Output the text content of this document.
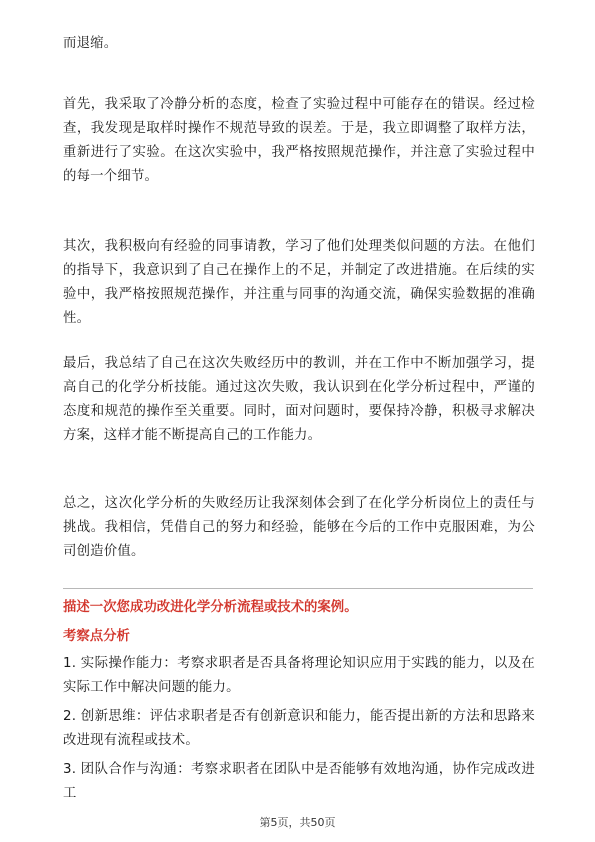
而退缩。

首先，我采取了冷静分析的态度，检查了实验过程中可能存在的错误。经过检查，我发现是取样时操作不规范导致的误差。于是，我立即调整了取样方法，重新进行了实验。在这次实验中，我严格按照规范操作，并注意了实验过程中的每一个细节。

其次，我积极向有经验的同事请教，学习了他们处理类似问题的方法。在他们的指导下，我意识到了自己在操作上的不足，并制定了改进措施。在后续的实验中，我严格按照规范操作，并注重与同事的沟通交流，确保实验数据的准确性。

最后，我总结了自己在这次失败经历中的教训，并在工作中不断加强学习，提高自己的化学分析技能。通过这次失败，我认识到在化学分析过程中，严谨的态度和规范的操作至关重要。同时，面对问题时，要保持冷静，积极寻求解决方案，这样才能不断提高自己的工作能力。

总之，这次化学分析的失败经历让我深刻体会到了在化学分析岗位上的责任与挑战。我相信，凭借自己的努力和经验，能够在今后的工作中克服困难，为公司创造价值。

描述一次您成功改进化学分析流程或技术的案例。

考察点分析

1. 实际操作能力：考察求职者是否具备将理论知识应用于实践的能力，以及在实际工作中解决问题的能力。
2. 创新思维：评估求职者是否有创新意识和能力，能否提出新的方法和思路来改进现有流程或技术。
3. 团队合作与沟通：考察求职者在团队中是否能够有效地沟通，协作完成改进工
第5页，共50页
